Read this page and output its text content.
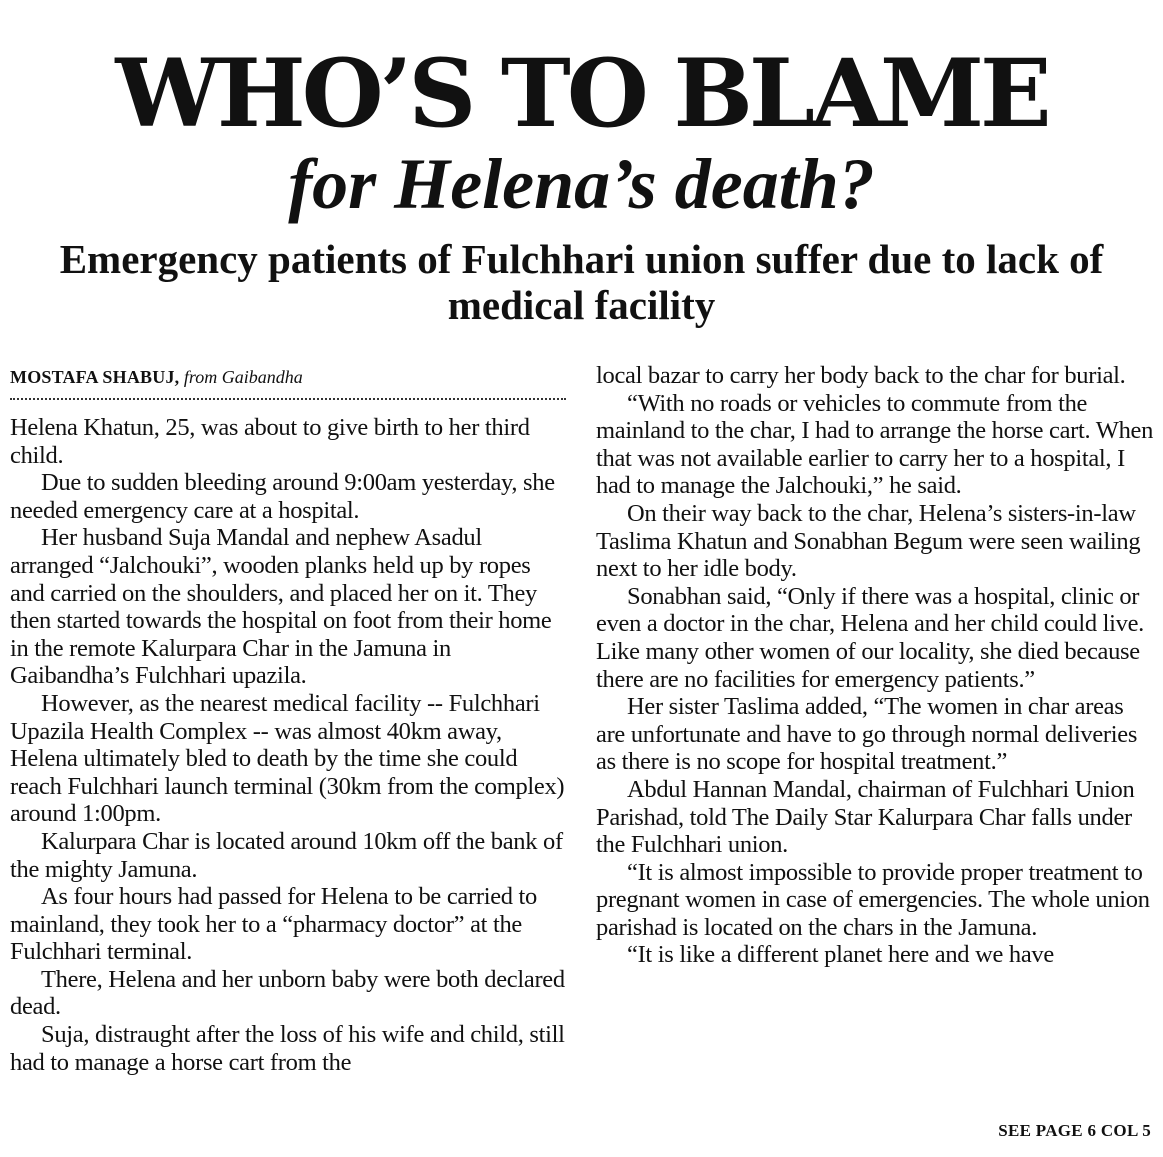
WHO’S TO BLAME
for Helena’s death?
Emergency patients of Fulchhari union suffer due to lack of medical facility
MOSTAFA SHABUJ, from Gaibandha

Helena Khatun, 25, was about to give birth to her third child.

Due to sudden bleeding around 9:00am yesterday, she needed emergency care at a hospital.

Her husband Suja Mandal and nephew Asadul arranged “Jalchouki”, wooden planks held up by ropes and carried on the shoulders, and placed her on it. They then started towards the hospital on foot from their home in the remote Kalurpara Char in the Jamuna in Gaibandha’s Fulchhari upazila.

However, as the nearest medical facility -- Fulchhari Upazila Health Complex -- was almost 40km away, Helena ultimately bled to death by the time she could reach Fulchhari launch terminal (30km from the complex) around 1:00pm.

Kalurpara Char is located around 10km off the bank of the mighty Jamuna.

As four hours had passed for Helena to be carried to mainland, they took her to a “pharmacy doctor” at the Fulchhari terminal.

There, Helena and her unborn baby were both declared dead.

Suja, distraught after the loss of his wife and child, still had to manage a horse cart from the

local bazar to carry her body back to the char for burial.

“With no roads or vehicles to commute from the mainland to the char, I had to arrange the horse cart. When that was not available earlier to carry her to a hospital, I had to manage the Jalchouki,” he said.

On their way back to the char, Helena’s sisters-in-law Taslima Khatun and Sonabhan Begum were seen wailing next to her idle body.

Sonabhan said, “Only if there was a hospital, clinic or even a doctor in the char, Helena and her child could live. Like many other women of our locality, she died because there are no facilities for emergency patients.”

Her sister Taslima added, “The women in char areas are unfortunate and have to go through normal deliveries as there is no scope for hospital treatment.”

Abdul Hannan Mandal, chairman of Fulchhari Union Parishad, told The Daily Star Kalurpara Char falls under the Fulchhari union.

“It is almost impossible to provide proper treatment to pregnant women in case of emergencies. The whole union parishad is located on the chars in the Jamuna.

“It is like a different planet here and we have

SEE PAGE 6 COL 5
